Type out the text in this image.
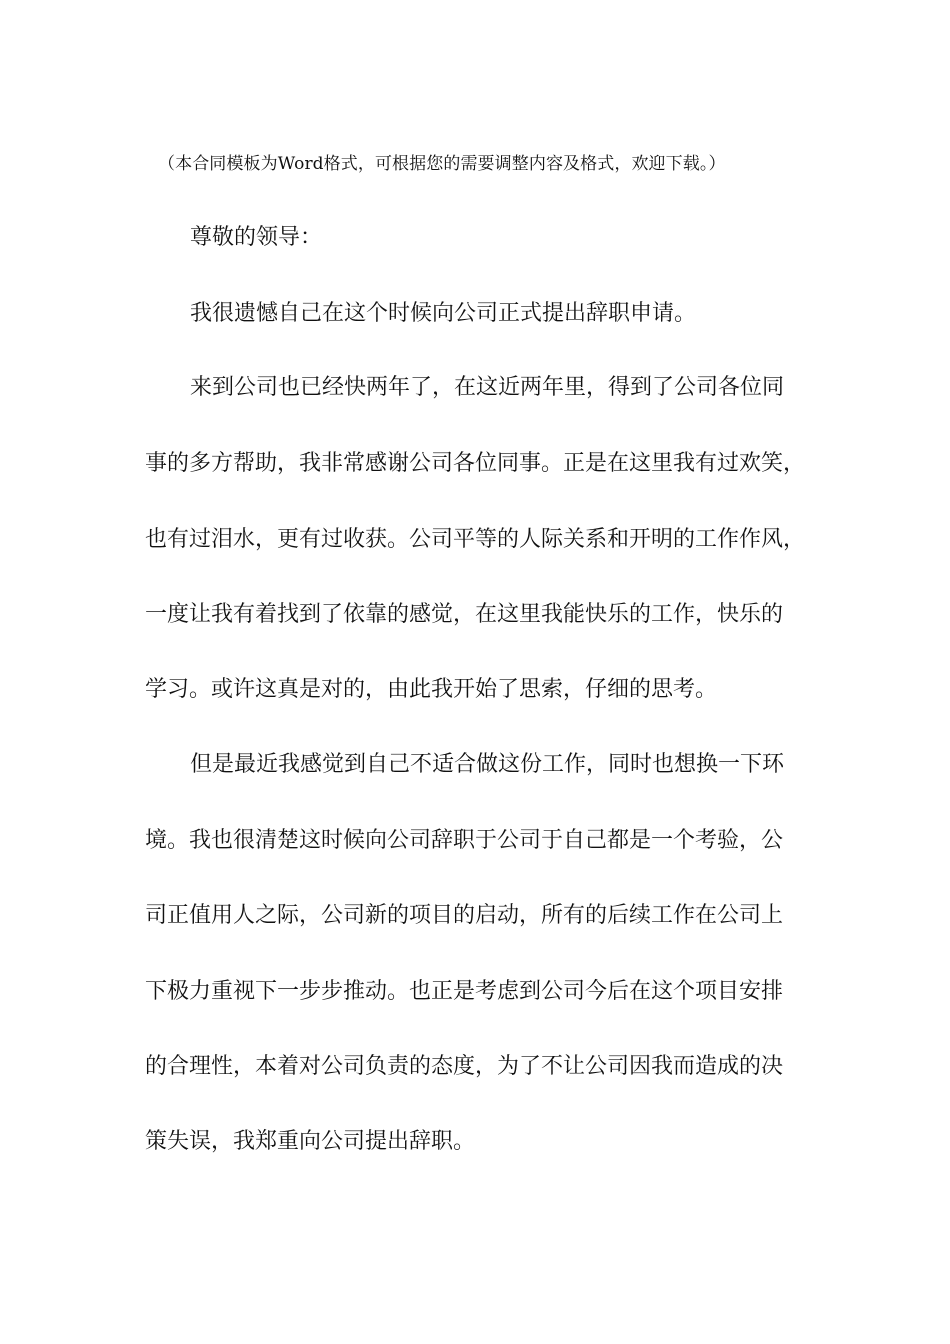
（本合同模板为Word格式，可根据您的需要调整内容及格式，欢迎下载。）
尊敬的领导：
我很遗憾自己在这个时候向公司正式提出辞职申请。
来到公司也已经快两年了，在这近两年里，得到了公司各位同
事的多方帮助，我非常感谢公司各位同事。正是在这里我有过欢笑，
也有过泪水，更有过收获。公司平等的人际关系和开明的工作作风，
一度让我有着找到了依靠的感觉，在这里我能快乐的工作，快乐的
学习。或许这真是对的，由此我开始了思索，仔细的思考。
但是最近我感觉到自己不适合做这份工作，同时也想换一下环
境。我也很清楚这时候向公司辞职于公司于自己都是一个考验，公
司正值用人之际，公司新的项目的启动，所有的后续工作在公司上
下极力重视下一步步推动。也正是考虑到公司今后在这个项目安排
的合理性，本着对公司负责的态度，为了不让公司因我而造成的决
策失误，我郑重向公司提出辞职。
